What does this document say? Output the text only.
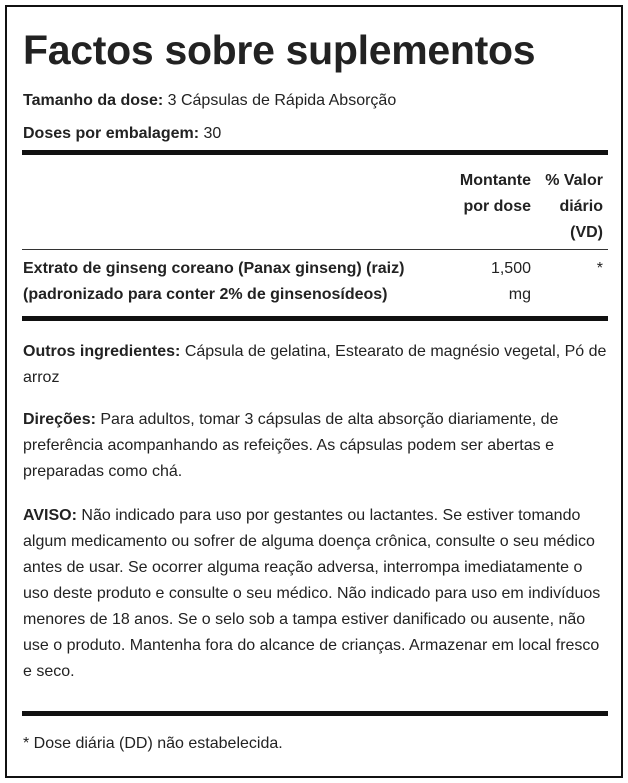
Factos sobre suplementos
Tamanho da dose: 3 Cápsulas de Rápida Absorção
Doses por embalagem: 30
Montante
por dose
% Valor
diário
(VD)
Extrato de ginseng coreano (Panax ginseng) (raiz)
(padronizado para conter 2% de ginsenosídeos)
1,500
mg
*

Outros ingredientes: Cápsula de gelatina, Estearato de magnésio vegetal, Pó de arroz

Direções: Para adultos, tomar 3 cápsulas de alta absorção diariamente, de preferência acompanhando as refeições. As cápsulas podem ser abertas e preparadas como chá.

AVISO: Não indicado para uso por gestantes ou lactantes. Se estiver tomando algum medicamento ou sofrer de alguma doença crônica, consulte o seu médico antes de usar. Se ocorrer alguma reação adversa, interrompa imediatamente o uso deste produto e consulte o seu médico. Não indicado para uso em indivíduos menores de 18 anos. Se o selo sob a tampa estiver danificado ou ausente, não use o produto. Mantenha fora do alcance de crianças. Armazenar em local fresco e seco.

* Dose diária (DD) não estabelecida.
